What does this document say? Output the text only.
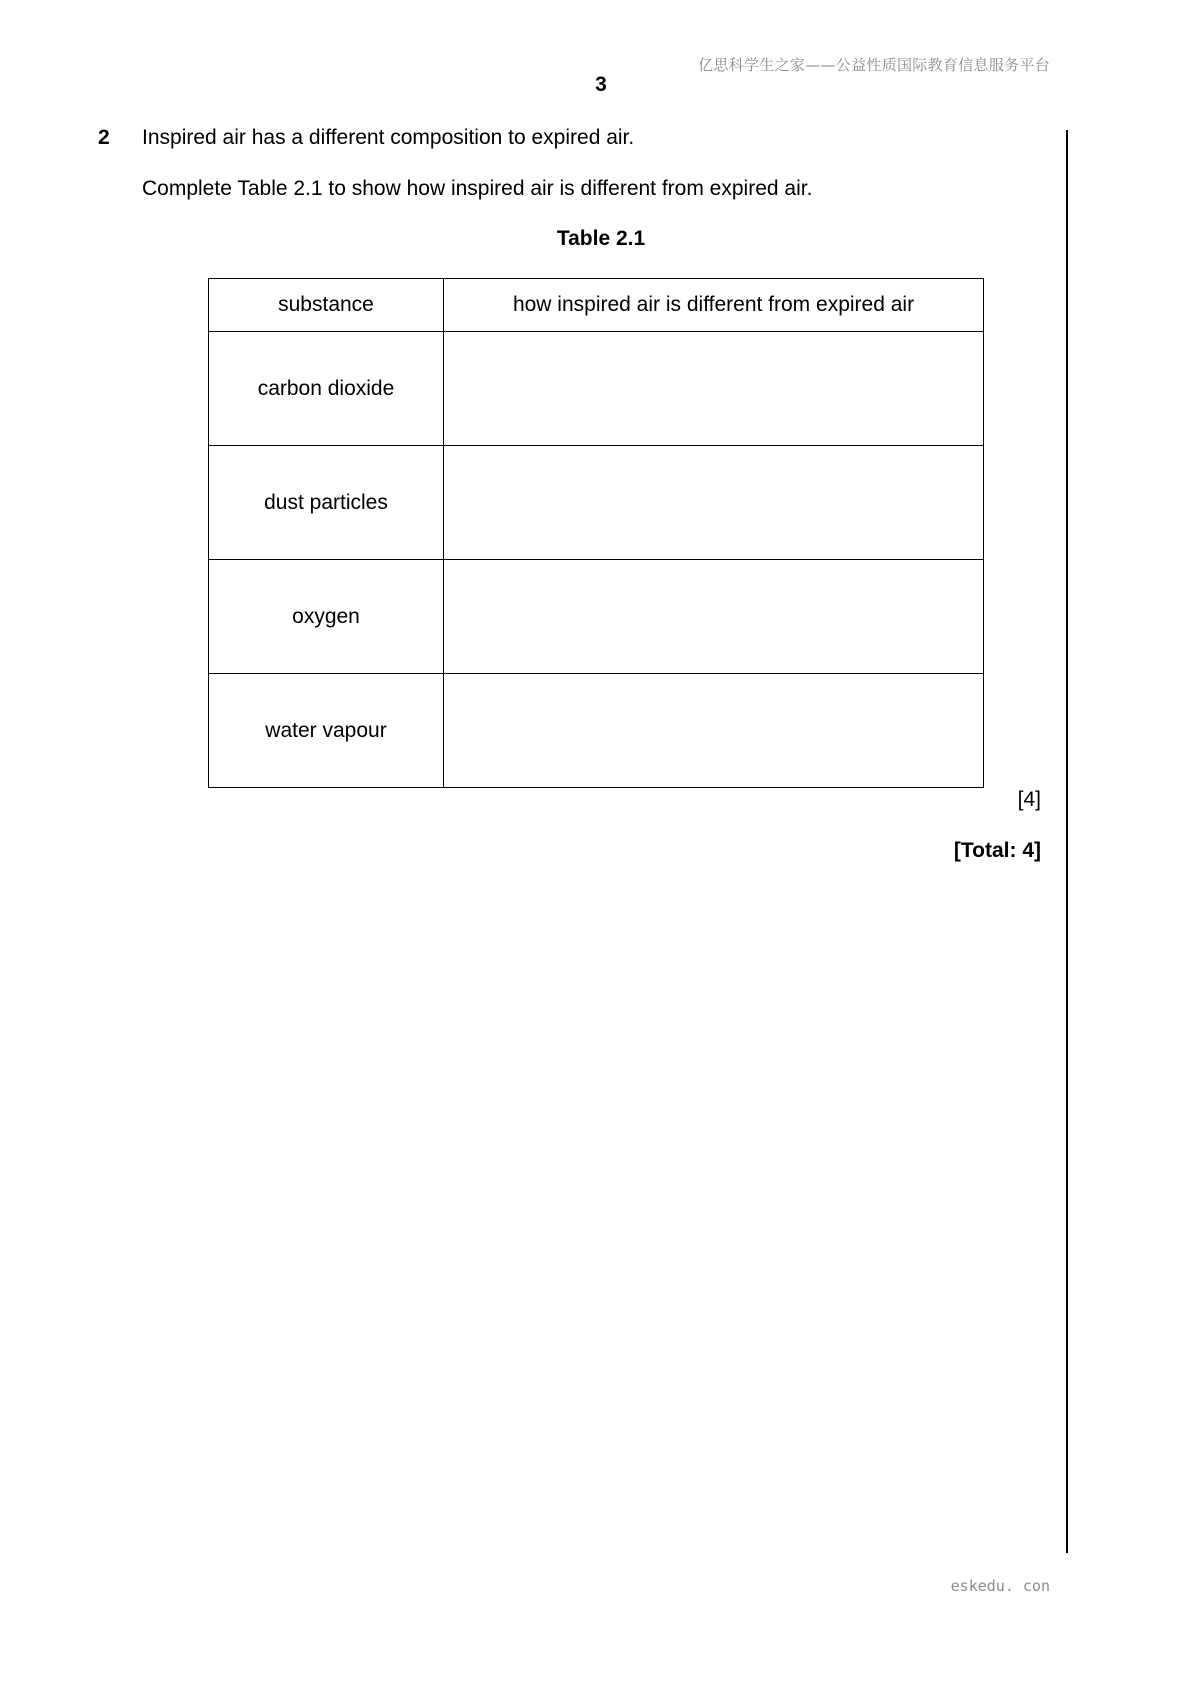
亿思科学生之家——公益性质国际教育信息服务平台
3
2 Inspired air has a different composition to expired air.
Complete Table 2.1 to show how inspired air is different from expired air.
Table 2.1
substance	how inspired air is different from expired air
carbon dioxide	
dust particles	
oxygen	
water vapour	
[4]
[Total: 4]
eskedu. con
